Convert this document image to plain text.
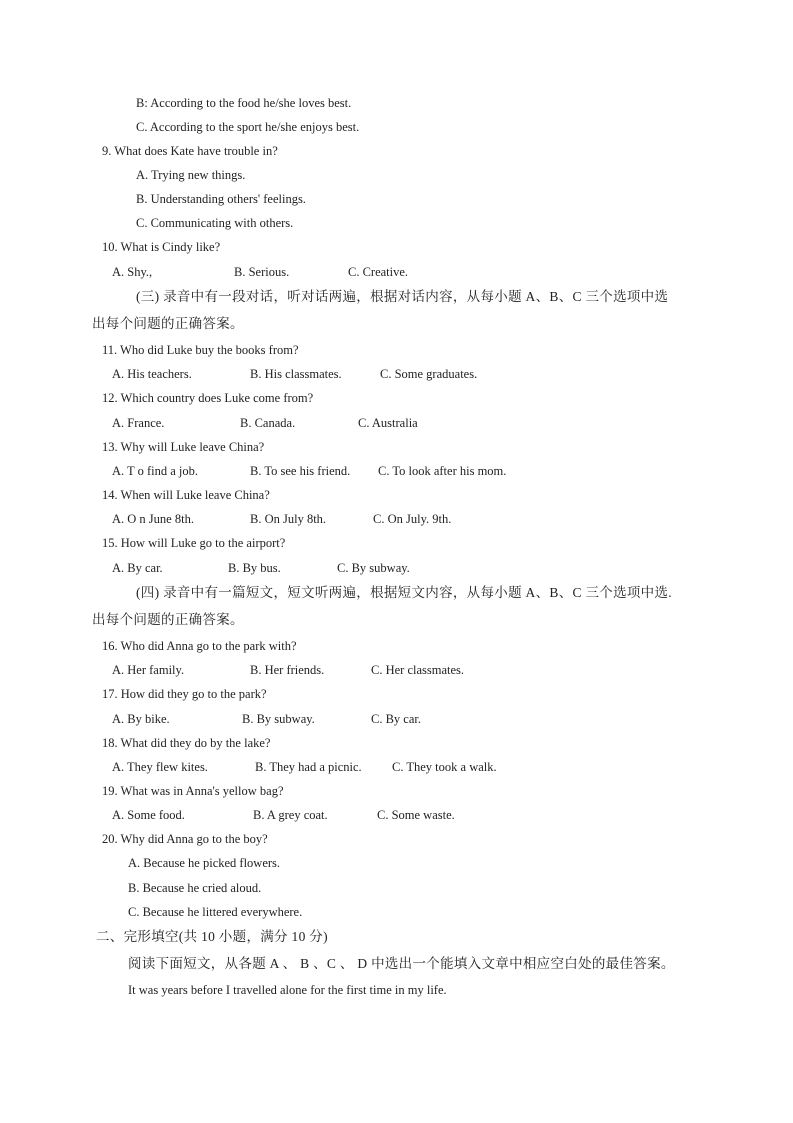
B: According to the food he/she loves best.
C. According to the sport he/she enjoys best.
9. What does Kate have trouble in?
A. Trying new things.
B. Understanding others' feelings.
C. Communicating with others.
10. What is Cindy like?
A. Shy.,	B. Serious.	C. Creative.
(三) 录音中有一段对话，听对话两遍，根据对话内容，从每小题 A、B、C 三个选项中选
出每个问题的正确答案。
11. Who did Luke buy the books from?
A. His teachers.	B. His classmates.	C. Some graduates.
12. Which country does Luke come from?
A. France.	B. Canada.	C. Australia
13. Why will Luke leave China?
A. T o find a job.	B. To see his friend. C. To look after his mom.
14. When will Luke leave China?
A. O n June 8th.	B. On July 8th.	C. On July. 9th.
15. How will Luke go to the airport?
A. By car.	B. By bus.	C. By subway.
(四) 录音中有一篇短文，短文听两遍，根据短文内容，从每小题 A、B、C 三个选项中选.
出每个问题的正确答案。
16. Who did Anna go to the park with?
A. Her family.	B. Her friends.	C. Her classmates.
17. How did they go to the park?
A. By bike.	B. By subway.	C. By car.
18. What did they do by the lake?
A. They flew kites.	B. They had a picnic. C. They took a walk.
19. What was in Anna's yellow bag?
A. Some food.	B. A grey coat.	C. Some waste.
20. Why did Anna go to the boy?
A. Because he picked flowers.
B. Because he cried aloud.
C. Because he littered everywhere.
二、完形填空(共 10 小题，满分 10 分)
阅读下面短文，从各题 A 、 B 、C 、 D 中选出一个能填入文章中相应空白处的最佳答案。
It was years before I travelled alone for the first time in my life.
